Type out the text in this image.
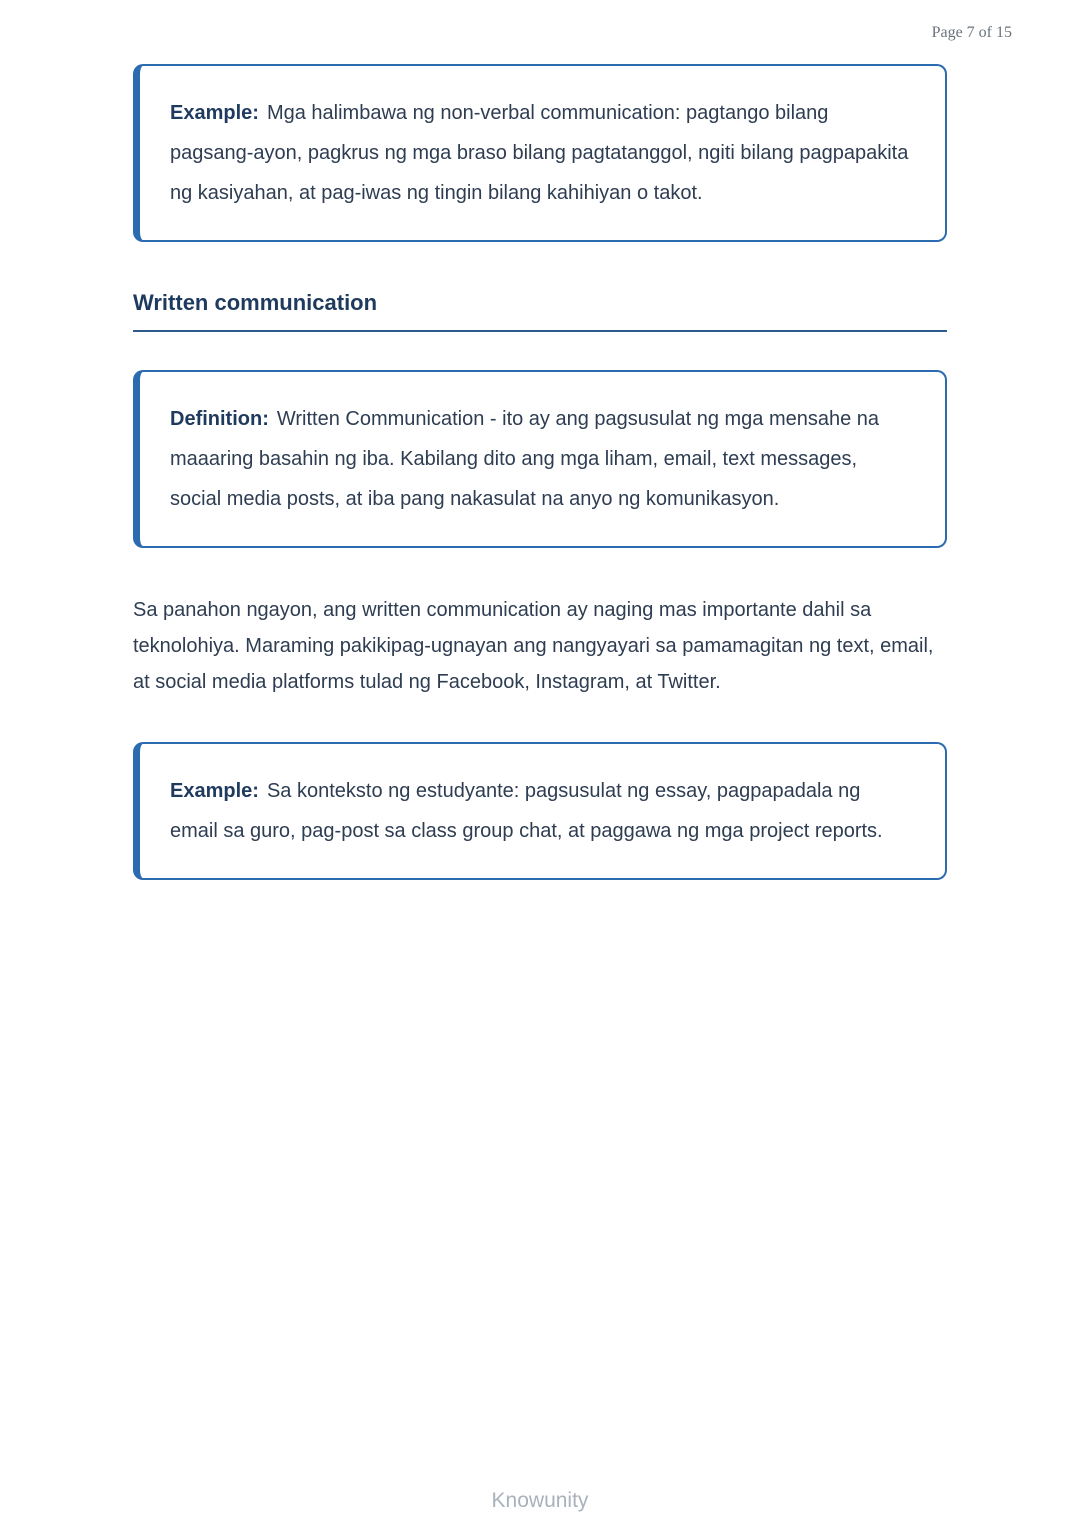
Page 7 of 15

Example: Mga halimbawa ng non-verbal communication: pagtango bilang pagsang-ayon, pagkrus ng mga braso bilang pagtatanggol, ngiti bilang pagpapakita ng kasiyahan, at pag-iwas ng tingin bilang kahihiyan o takot.

Written communication

Definition: Written Communication - ito ay ang pagsusulat ng mga mensahe na maaaring basahin ng iba. Kabilang dito ang mga liham, email, text messages, social media posts, at iba pang nakasulat na anyo ng komunikasyon.

Sa panahon ngayon, ang written communication ay naging mas importante dahil sa teknolohiya. Maraming pakikipag-ugnayan ang nangyayari sa pamamagitan ng text, email, at social media platforms tulad ng Facebook, Instagram, at Twitter.

Example: Sa konteksto ng estudyante: pagsusulat ng essay, pagpapadala ng email sa guro, pag-post sa class group chat, at paggawa ng mga project reports.

Knowunity
